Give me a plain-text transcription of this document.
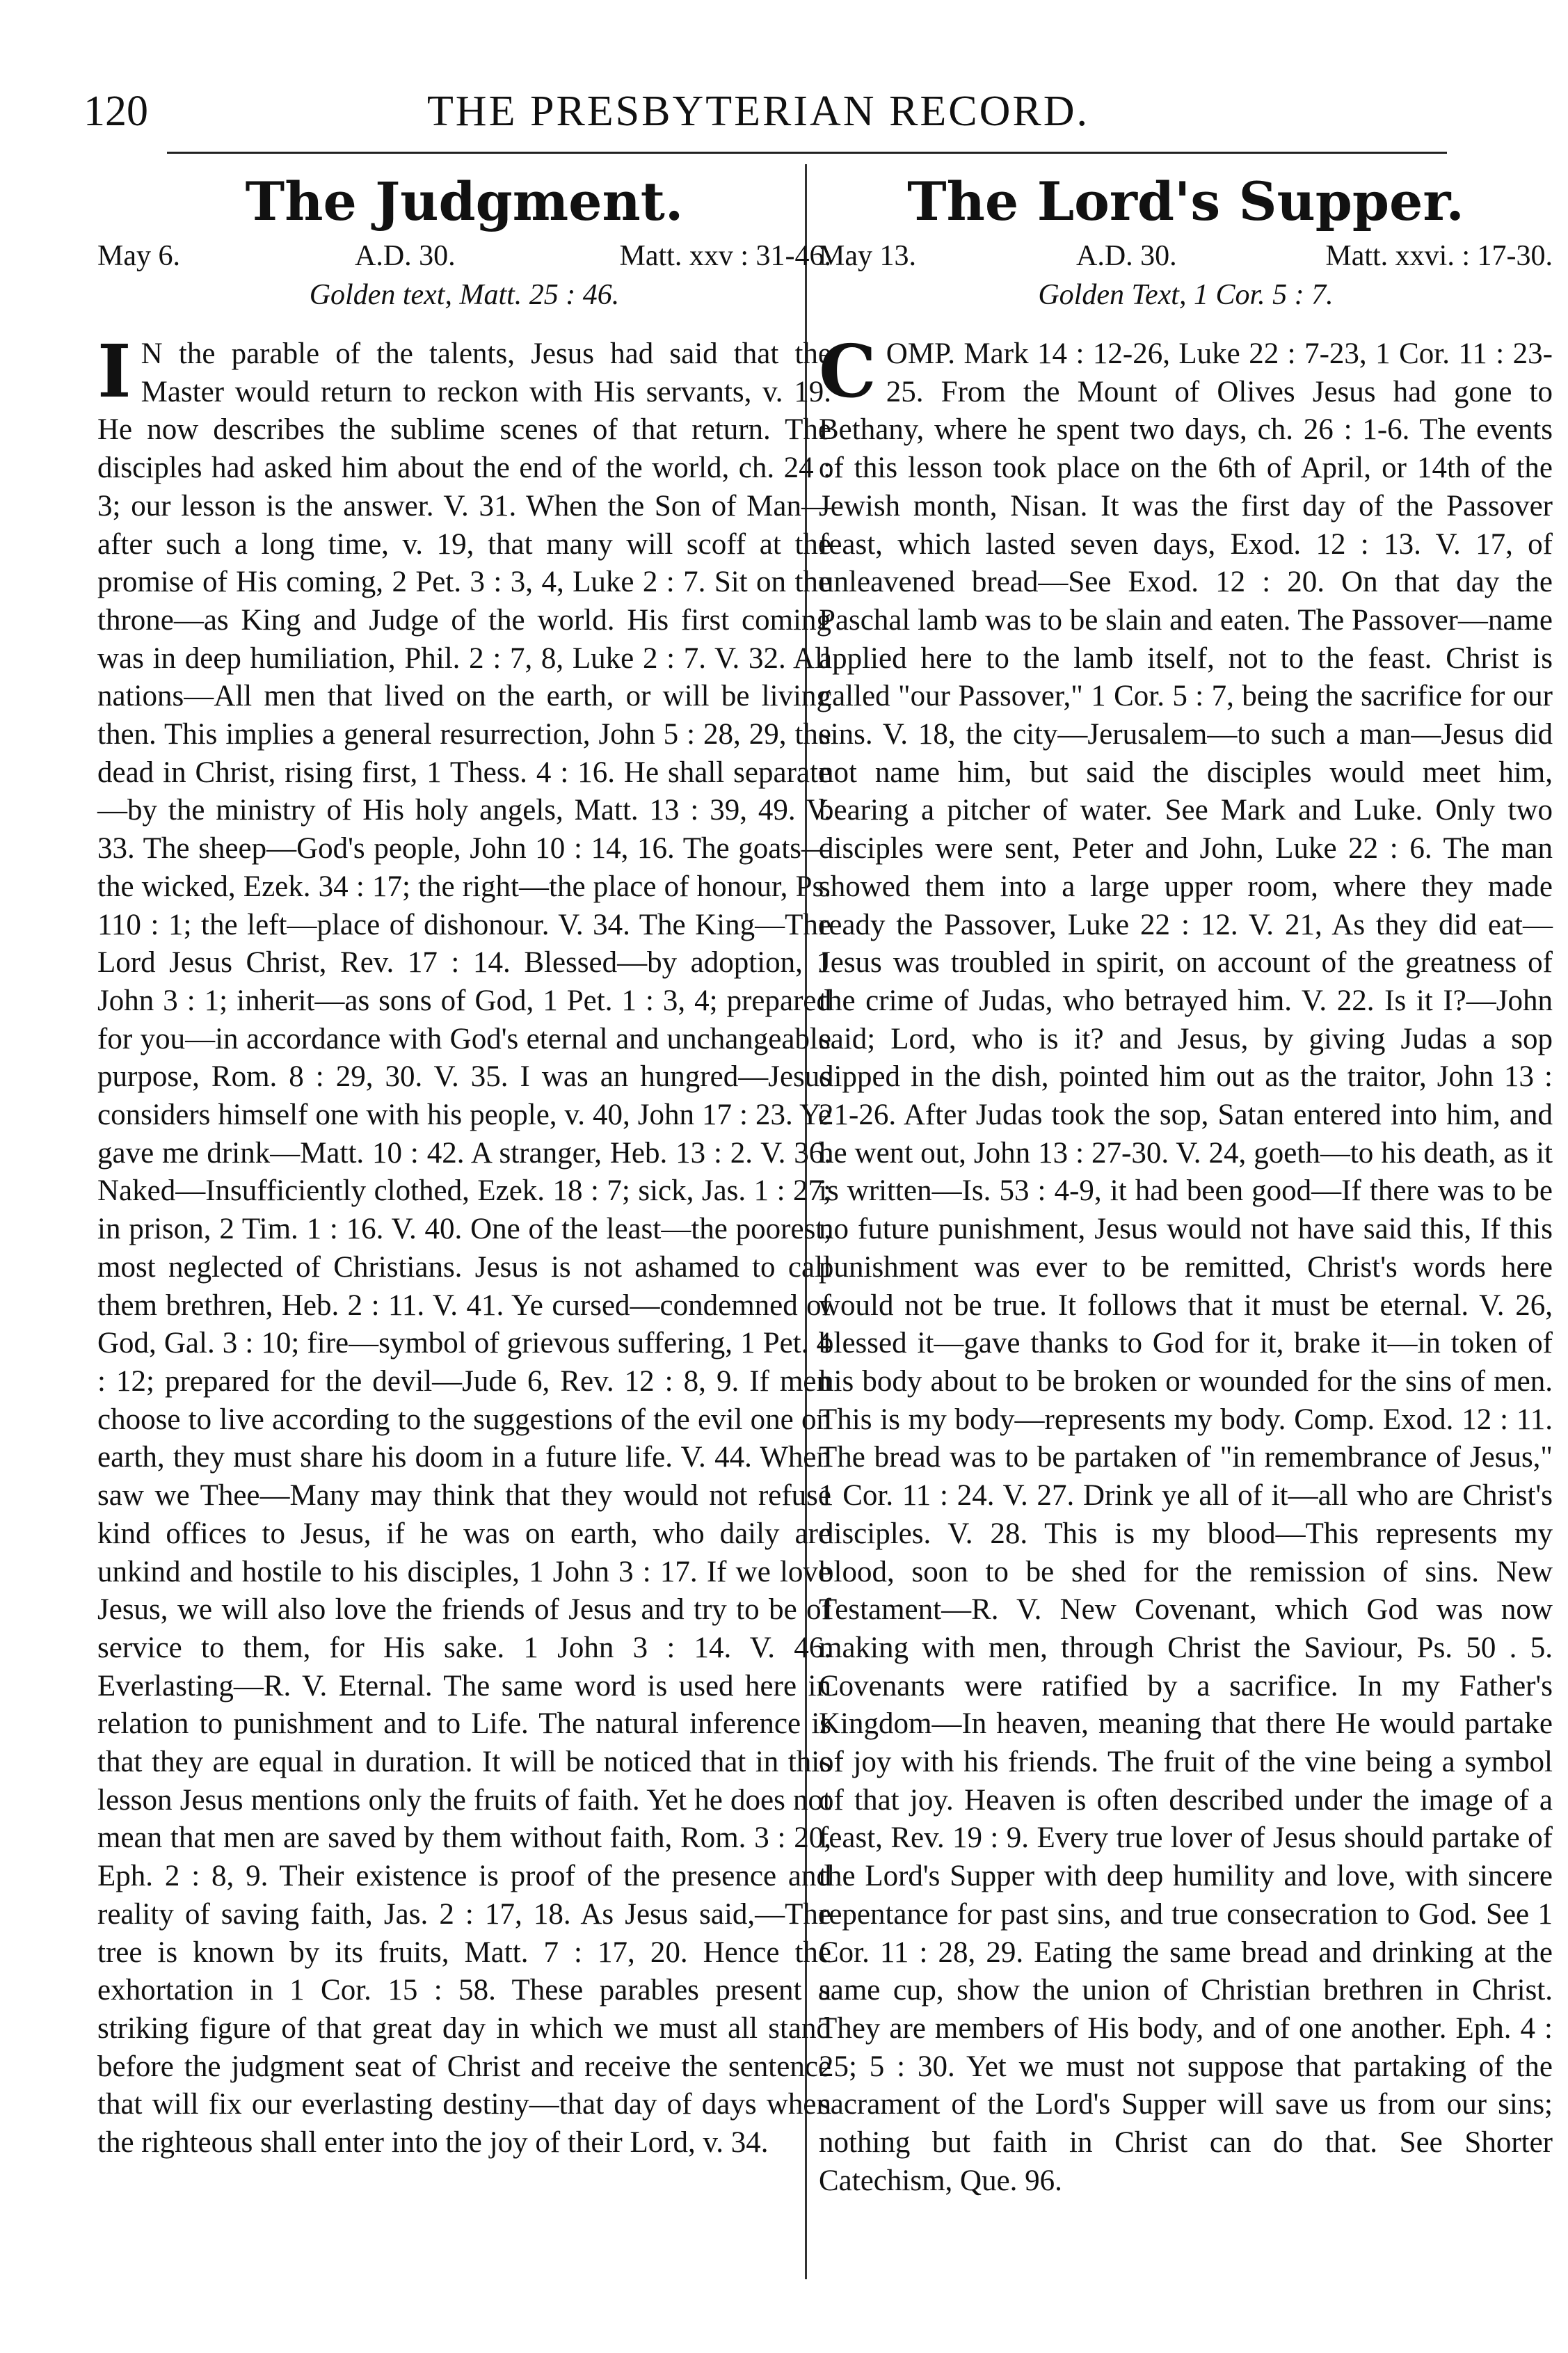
120	THE PRESBYTERIAN RECORD.
The Judgment.
May 6.	A.D. 30.	Matt. xxv : 31-46.
Golden text, Matt. 25 : 46.
I N the parable of the talents, Jesus had said that the Master would return to reckon with His servants, v. 19. He now describes the sublime scenes of that return. The disciples had asked him about the end of the world, ch. 24 : 3; our lesson is the answer. V. 31. When the Son of Man—after such a long time, v. 19, that many will scoff at the promise of His coming, 2 Pet. 3 : 3, 4, Luke 2 : 7. Sit on the throne—as King and Judge of the world. His first coming was in deep humiliation, Phil. 2 : 7, 8, Luke 2 : 7. V. 32. All nations—All men that lived on the earth, or will be living then. This implies a general resurrection, John 5 : 28, 29, the dead in Christ, rising first, 1 Thess. 4 : 16. He shall separate—by the ministry of His holy angels, Matt. 13 : 39, 49. V. 33. The sheep—God's people, John 10 : 14, 16. The goats—the wicked, Ezek. 34 : 17; the right—the place of honour, Ps. 110 : 1; the left—place of dishonour. V. 34. The King—The Lord Jesus Christ, Rev. 17 : 14. Blessed—by adoption, 1 John 3 : 1; inherit—as sons of God, 1 Pet. 1 : 3, 4; prepared for you—in accordance with God's eternal and unchangeable purpose, Rom. 8 : 29, 30. V. 35. I was an hungred—Jesus considers himself one with his people, v. 40, John 17 : 23. Ye gave me drink—Matt. 10 : 42. A stranger, Heb. 13 : 2. V. 36. Naked—Insufficiently clothed, Ezek. 18 : 7; sick, Jas. 1 : 27; in prison, 2 Tim. 1 : 16. V. 40. One of the least—the poorest, most neglected of Christians. Jesus is not ashamed to call them brethren, Heb. 2 : 11. V. 41. Ye cursed—condemned of God, Gal. 3 : 10; fire—symbol of grievous suffering, 1 Pet. 4 : 12; prepared for the devil—Jude 6, Rev. 12 : 8, 9. If men choose to live according to the suggestions of the evil one on earth, they must share his doom in a future life. V. 44. When saw we Thee—Many may think that they would not refuse kind offices to Jesus, if he was on earth, who daily are unkind and hostile to his disciples, 1 John 3 : 17. If we love Jesus, we will also love the friends of Jesus and try to be of service to them, for His sake. 1 John 3 : 14. V. 46. Everlasting—R. V. Eternal. The same word is used here in relation to punishment and to Life. The natural inference is that they are equal in duration. It will be noticed that in this lesson Jesus mentions only the fruits of faith. Yet he does not mean that men are saved by them without faith, Rom. 3 : 20, Eph. 2 : 8, 9. Their existence is proof of the presence and reality of saving faith, Jas. 2 : 17, 18. As Jesus said,—The tree is known by its fruits, Matt. 7 : 17, 20. Hence the exhortation in 1 Cor. 15 : 58. These parables present a striking figure of that great day in which we must all stand before the judgment seat of Christ and receive the sentence that will fix our everlasting destiny—that day of days when the righteous shall enter into the joy of their Lord, v. 34.
The Lord's Supper.
May 13.	A.D. 30.	Matt. xxvi. : 17-30.
Golden Text, 1 Cor. 5 : 7.
COMP. Mark 14 : 12-26, Luke 22 : 7-23, 1 Cor. 11 : 23-25. From the Mount of Olives Jesus had gone to Bethany, where he spent two days, ch. 26 : 1-6. The events of this lesson took place on the 6th of April, or 14th of the Jewish month, Nisan. It was the first day of the Passover feast, which lasted seven days, Exod. 12 : 13. V. 17, of unleavened bread—See Exod. 12 : 20. On that day the Paschal lamb was to be slain and eaten. The Passover—name applied here to the lamb itself, not to the feast. Christ is called "our Passover," 1 Cor. 5 : 7, being the sacrifice for our sins. V. 18, the city—Jerusalem—to such a man—Jesus did not name him, but said the disciples would meet him, bearing a pitcher of water. See Mark and Luke. Only two disciples were sent, Peter and John, Luke 22 : 6. The man showed them into a large upper room, where they made ready the Passover, Luke 22 : 12. V. 21, As they did eat—Jesus was troubled in spirit, on account of the greatness of the crime of Judas, who betrayed him. V. 22. Is it I?—John said; Lord, who is it? and Jesus, by giving Judas a sop dipped in the dish, pointed him out as the traitor, John 13 : 21-26. After Judas took the sop, Satan entered into him, and he went out, John 13 : 27-30. V. 24, goeth—to his death, as it is written—Is. 53 : 4-9, it had been good—If there was to be no future punishment, Jesus would not have said this, If this punishment was ever to be remitted, Christ's words here would not be true. It follows that it must be eternal. V. 26, blessed it—gave thanks to God for it, brake it—in token of his body about to be broken or wounded for the sins of men. This is my body—represents my body. Comp. Exod. 12 : 11. The bread was to be partaken of "in remembrance of Jesus," 1 Cor. 11 : 24. V. 27. Drink ye all of it—all who are Christ's disciples. V. 28. This is my blood—This represents my blood, soon to be shed for the remission of sins. New Testament—R. V. New Covenant, which God was now making with men, through Christ the Saviour, Ps. 50 . 5. Covenants were ratified by a sacrifice. In my Father's Kingdom—In heaven, meaning that there He would partake of joy with his friends. The fruit of the vine being a symbol of that joy. Heaven is often described under the image of a feast, Rev. 19 : 9. Every true lover of Jesus should partake of the Lord's Supper with deep humility and love, with sincere repentance for past sins, and true consecration to God. See 1 Cor. 11 : 28, 29. Eating the same bread and drinking at the same cup, show the union of Christian brethren in Christ. They are members of His body, and of one another. Eph. 4 : 25; 5 : 30. Yet we must not suppose that partaking of the sacrament of the Lord's Supper will save us from our sins; nothing but faith in Christ can do that. See Shorter Catechism, Que. 96.
